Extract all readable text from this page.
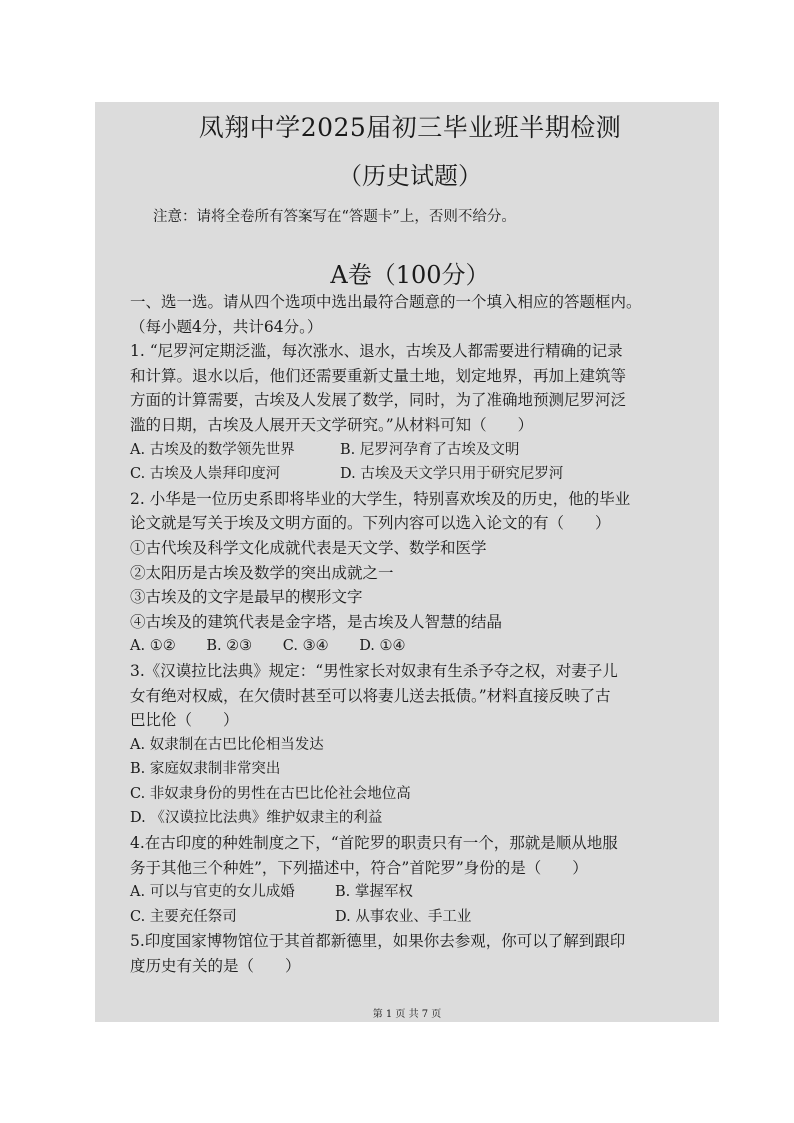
凤翔中学2025届初三毕业班半期检测
（历史试题）
注意：请将全卷所有答案写在“答题卡”上，否则不给分。
A卷（100分）

一、选一选。请从四个选项中选出最符合题意的一个填入相应的答题框内。

（每小题4分，共计64分。）

1. “尼罗河定期泛滥，每次涨水、退水，古埃及人都需要进行精确的记录

和计算。退水以后，他们还需要重新丈量土地，划定地界，再加上建筑等

方面的计算需要，古埃及人发展了数学，同时，为了准确地预测尼罗河泛

滥的日期，古埃及人展开天文学研究。”从材料可知（　　）

A. 古埃及的数学领先世界	B. 尼罗河孕育了古埃及文明

C. 古埃及人崇拜印度河	D. 古埃及天文学只用于研究尼罗河

2. 小华是一位历史系即将毕业的大学生，特别喜欢埃及的历史，他的毕业

论文就是写关于埃及文明方面的。下列内容可以选入论文的有（　　）

①古代埃及科学文化成就代表是天文学、数学和医学

②太阳历是古埃及数学的突出成就之一

③古埃及的文字是最早的楔形文字

④古埃及的建筑代表是金字塔，是古埃及人智慧的结晶

A. ①② B. ②③ C. ③④ D. ①④

3.《汉谟拉比法典》规定：“男性家长对奴隶有生杀予夺之权，对妻子儿

女有绝对权威，在欠债时甚至可以将妻儿送去抵债。”材料直接反映了古

巴比伦（　　）

A. 奴隶制在古巴比伦相当发达

B. 家庭奴隶制非常突出

C. 非奴隶身份的男性在古巴比伦社会地位高

D. 《汉谟拉比法典》维护奴隶主的利益

4.在古印度的种姓制度之下，“首陀罗的职责只有一个，那就是顺从地服

务于其他三个种姓”，下列描述中，符合”首陀罗”身份的是（　　）

A. 可以与官吏的女儿成婚	B. 掌握军权

C. 主要充任祭司	D. 从事农业、手工业

5.印度国家博物馆位于其首都新德里，如果你去参观，你可以了解到跟印

度历史有关的是（　　）

第 1 页 共 7 页
